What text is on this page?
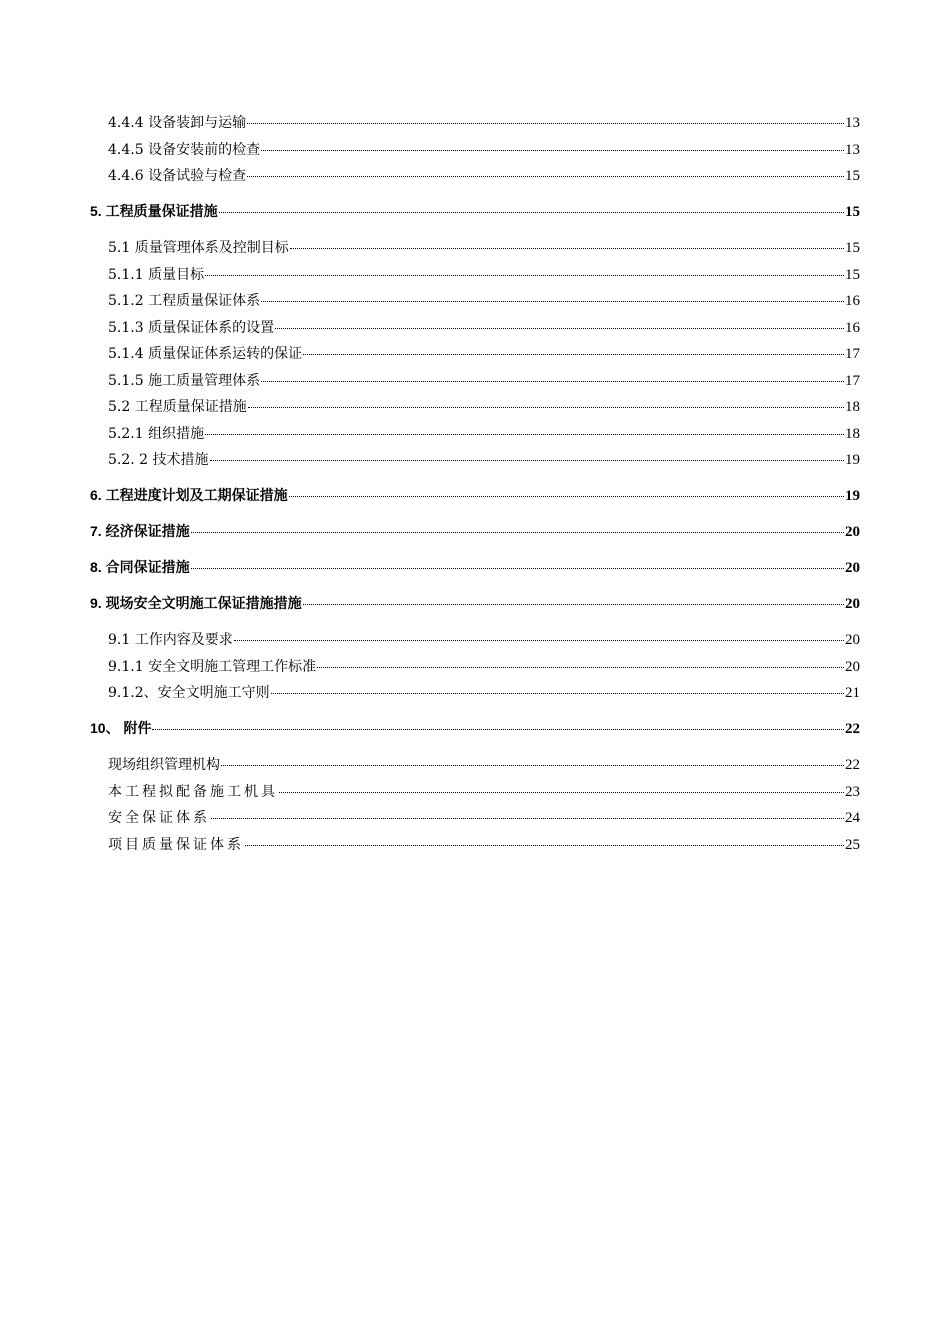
4.4.4 设备装卸与运输	13
4.4.5 设备安装前的检查	13
4.4.6 设备试验与检查	15
5. 工程质量保证措施	15
5.1 质量管理体系及控制目标	15
5.1.1 质量目标	15
5.1.2 工程质量保证体系	16
5.1.3 质量保证体系的设置	16
5.1.4 质量保证体系运转的保证	17
5.1.5 施工质量管理体系	17
5.2 工程质量保证措施	18
5.2.1 组织措施	18
5.2. 2 技术措施	19
6. 工程进度计划及工期保证措施	19
7. 经济保证措施	20
8. 合同保证措施	20
9. 现场安全文明施工保证措施措施	20
9.1 工作内容及要求	20
9.1.1 安全文明施工管理工作标准	20
9.1.2、安全文明施工守则	21
10、 附件	22
现场组织管理机构	22
本工程拟配备施工机具	23
安全保证体系	24
项目质量保证体系	25
